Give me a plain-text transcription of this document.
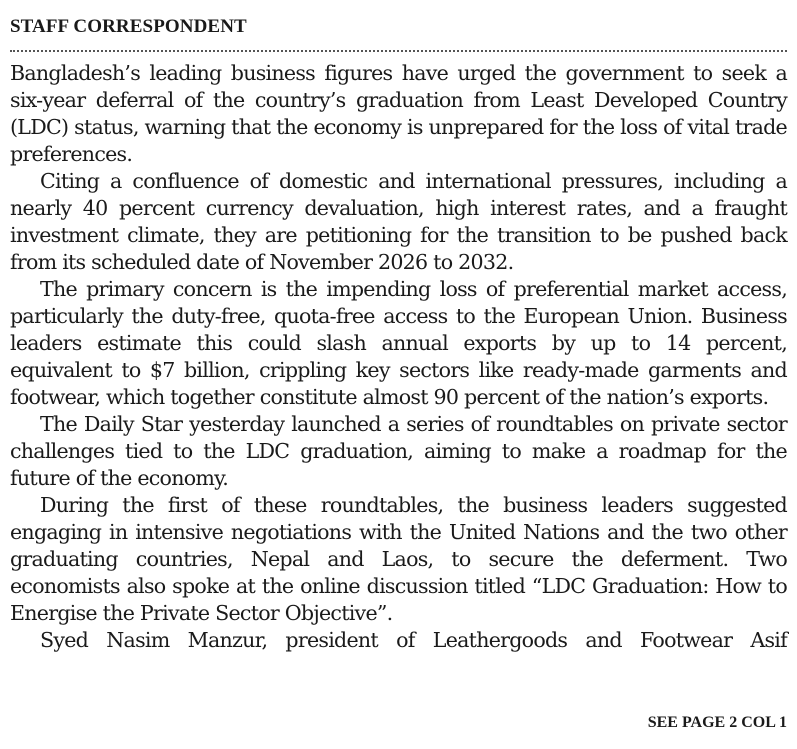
STAFF CORRESPONDENT

Bangladesh’s leading business figures have urged the government to seek a six-year deferral of the country’s graduation from Least Developed Country (LDC) status, warning that the economy is unprepared for the loss of vital trade preferences.

Citing a confluence of domestic and international pressures, including a nearly 40 percent currency devaluation, high interest rates, and a fraught investment climate, they are petitioning for the transition to be pushed back from its scheduled date of November 2026 to 2032.

The primary concern is the impending loss of preferential market access, particularly the duty-free, quota-free access to the European Union. Business leaders estimate this could slash annual exports by up to 14 percent, equivalent to $7 billion, crippling key sectors like ready-made garments and footwear, which together constitute almost 90 percent of the nation’s exports.

The Daily Star yesterday launched a series of roundtables on private sector challenges tied to the LDC graduation, aiming to make a roadmap for the future of the economy.

During the first of these roundtables, the business leaders suggested engaging in intensive negotiations with the United Nations and the two other graduating countries, Nepal and Laos, to secure the deferment. Two economists also spoke at the online discussion titled “LDC Graduation: How to Energise the Private Sector Objective”.

Syed Nasim Manzur, president of Leathergoods and Footwear Asif

SEE PAGE 2 COL 1
